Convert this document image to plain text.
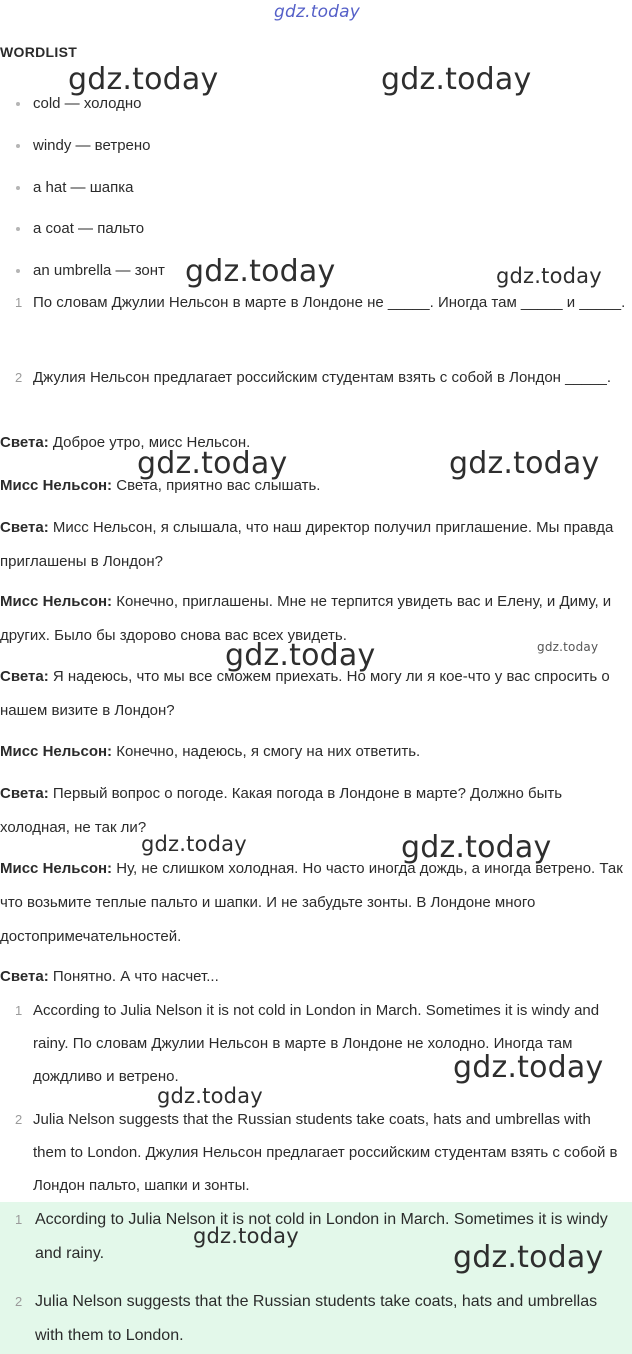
gdz.today
WORDLIST
cold — холодно
windy — ветрено
a hat — шапка
a coat — пальто
an umbrella — зонт
1 По словам Джулии Нельсон в марте в Лондоне не _____. Иногда там _____ и _____.
2 Джулия Нельсон предлагает российским студентам взять с собой в Лондон _____.
Света: Доброе утро, мисс Нельсон.
Мисс Нельсон: Света, приятно вас слышать.
Света: Мисс Нельсон, я слышала, что наш директор получил приглашение. Мы правда приглашены в Лондон?
Мисс Нельсон: Конечно, приглашены. Мне не терпится увидеть вас и Елену, и Диму, и других. Было бы здорово снова вас всех увидеть.
Света: Я надеюсь, что мы все сможем приехать. Но могу ли я кое-что у вас спросить о нашем визите в Лондон?
Мисс Нельсон: Конечно, надеюсь, я смогу на них ответить.
Света: Первый вопрос о погоде. Какая погода в Лондоне в марте? Должно быть холодная, не так ли?
Мисс Нельсон: Ну, не слишком холодная. Но часто иногда дождь, а иногда ветрено. Так что возьмите теплые пальто и шапки. И не забудьте зонты. В Лондоне много достопримечательностей.
Света: Понятно. А что насчет...
1 According to Julia Nelson it is not cold in London in March. Sometimes it is windy and rainy. По словам Джулии Нельсон в марте в Лондоне не холодно. Иногда там дождливо и ветрено.
2 Julia Nelson suggests that the Russian students take coats, hats and umbrellas with them to London. Джулия Нельсон предлагает российским студентам взять с собой в Лондон пальто, шапки и зонты.
1 According to Julia Nelson it is not cold in London in March. Sometimes it is windy and rainy.
2 Julia Nelson suggests that the Russian students take coats, hats and umbrellas with them to London.
gdz.today	gdz.today
gdz.today	gdz.today
gdz.today	gdz.today
gdz.today	gdz.today
gdz.today	gdz.today
gdz.today
gdz.today
gdz.today
gdz.today
